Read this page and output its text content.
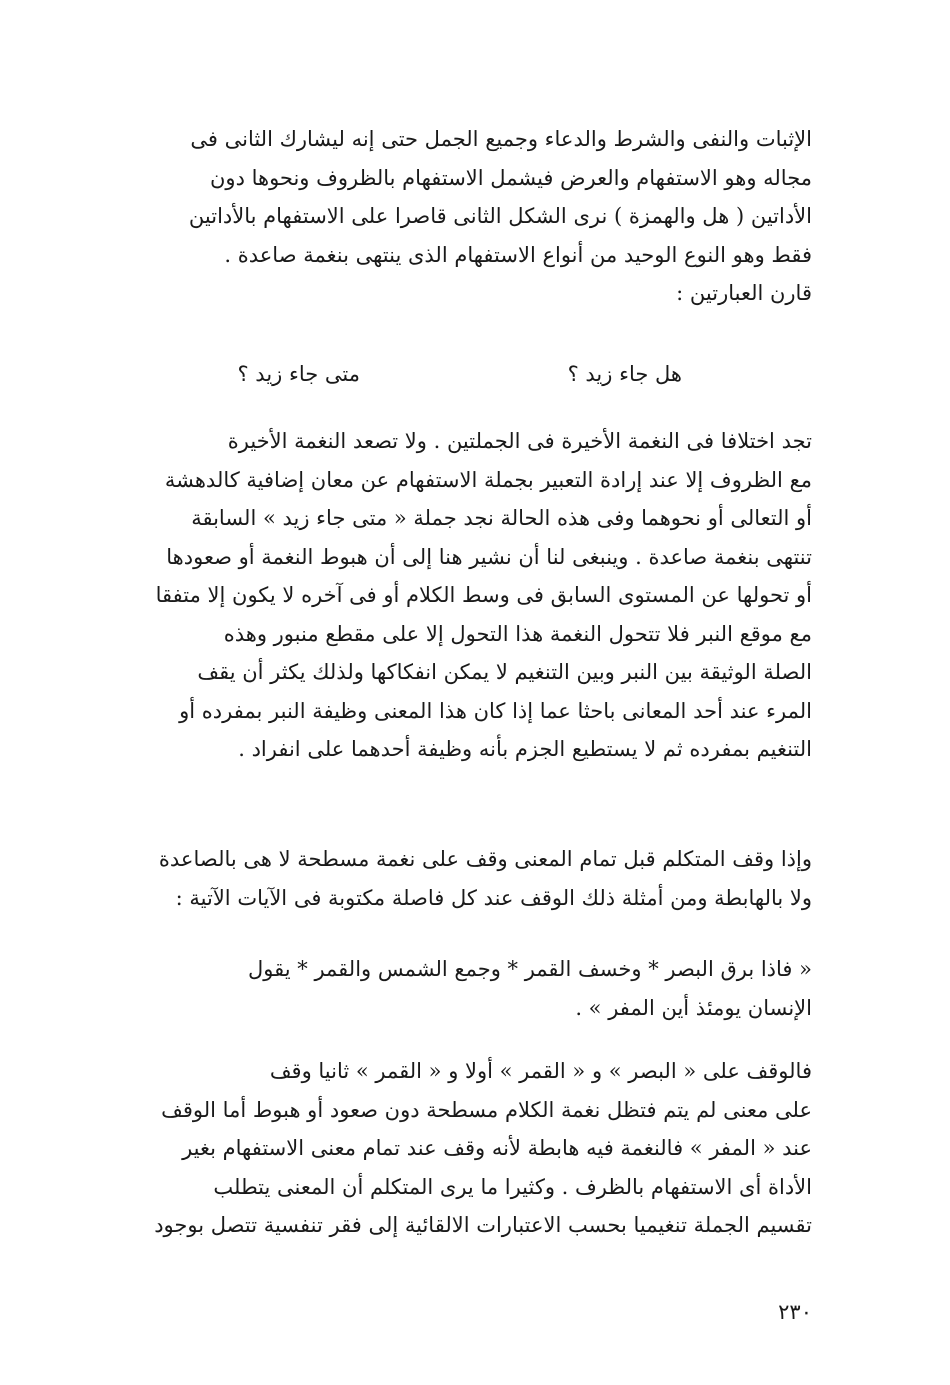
الإثبات والنفى والشرط والدعاء وجميع الجمل حتى إنه ليشارك الثانى فى
مجاله وهو الاستفهام والعرض فيشمل الاستفهام بالظروف ونحوها دون
الأداتين ( هل والهمزة ) نرى الشكل الثانى قاصرا على الاستفهام بالأداتين
فقط وهو النوع الوحيد من أنواع الاستفهام الذى ينتهى بنغمة صاعدة .
قارن العبارتين :
هل جاء زيد ؟
متى جاء زيد ؟
تجد اختلافا فى النغمة الأخيرة فى الجملتين . ولا تصعد النغمة الأخيرة
مع الظروف إلا عند إرادة التعبير بجملة الاستفهام عن معان إضافية كالدهشة
أو التعالى أو نحوهما وفى هذه الحالة نجد جملة « متى جاء زيد » السابقة
تنتهى بنغمة صاعدة . وينبغى لنا أن نشير هنا إلى أن هبوط النغمة أو صعودها
أو تحولها عن المستوى السابق فى وسط الكلام أو فى آخره لا يكون إلا متفقا
مع موقع النبر فلا تتحول النغمة هذا التحول إلا على مقطع منبور وهذه
الصلة الوثيقة بين النبر وبين التنغيم لا يمكن انفكاكها ولذلك يكثر أن يقف
المرء عند أحد المعانى باحثا عما إذا كان هذا المعنى وظيفة النبر بمفرده أو
التنغيم بمفرده ثم لا يستطيع الجزم بأنه وظيفة أحدهما على انفراد .
وإذا وقف المتكلم قبل تمام المعنى وقف على نغمة مسطحة لا هى بالصاعدة
ولا بالهابطة ومن أمثلة ذلك الوقف عند كل فاصلة مكتوبة فى الآيات الآتية :
« فاذا برق البصر * وخسف القمر * وجمع الشمس والقمر * يقول
الإنسان يومئذ أين المفر » .
فالوقف على « البصر » و « القمر » أولا و « القمر » ثانيا وقف
على معنى لم يتم فتظل نغمة الكلام مسطحة دون صعود أو هبوط أما الوقف
عند « المفر » فالنغمة فيه هابطة لأنه وقف عند تمام معنى الاستفهام بغير
الأداة أى الاستفهام بالظرف . وكثيرا ما يرى المتكلم أن المعنى يتطلب
تقسيم الجملة تنغيميا بحسب الاعتبارات الالقائية إلى فقر تنفسية تتصل بوجود
٢٣٠
